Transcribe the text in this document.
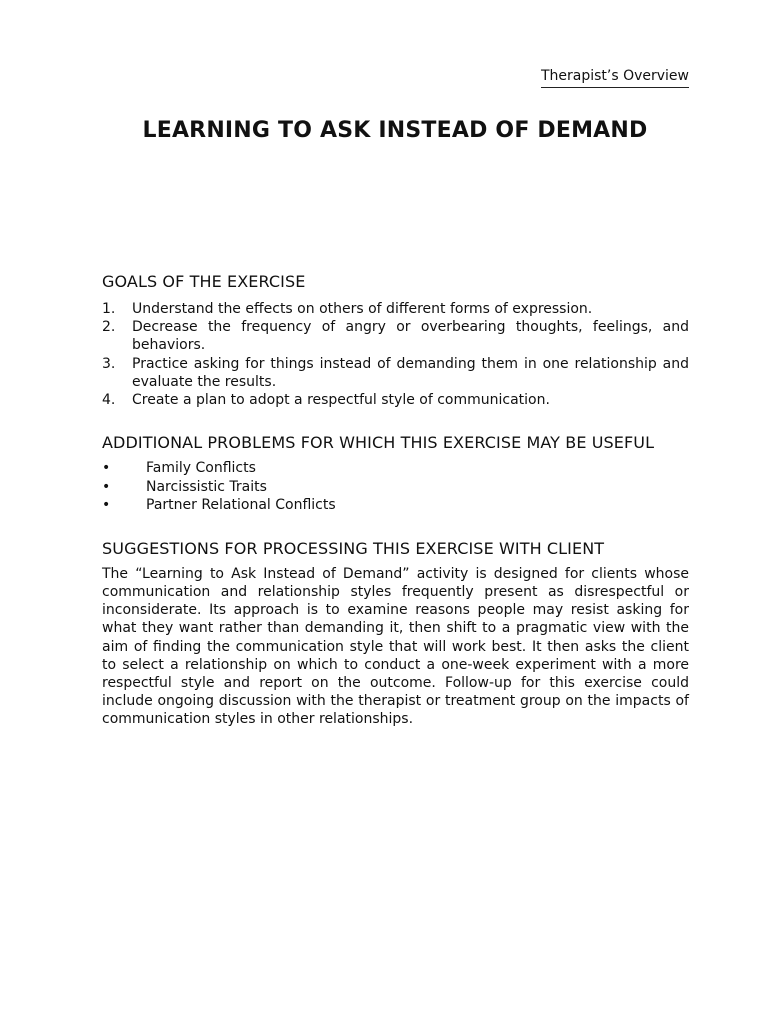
Therapist’s Overview
LEARNING TO ASK INSTEAD OF DEMAND
GOALS OF THE EXERCISE
1. Understand the effects on others of different forms of expression.
2. Decrease the frequency of angry or overbearing thoughts, feelings, and behaviors.
3. Practice asking for things instead of demanding them in one relationship and evaluate the results.
4. Create a plan to adopt a respectful style of communication.
ADDITIONAL PROBLEMS FOR WHICH THIS EXERCISE MAY BE USEFUL
•	Family Conflicts
•	Narcissistic Traits
•	Partner Relational Conflicts
SUGGESTIONS FOR PROCESSING THIS EXERCISE WITH CLIENT

The “Learning to Ask Instead of Demand” activity is designed for clients whose communication and relationship styles frequently present as disrespectful or inconsiderate. Its approach is to examine reasons people may resist asking for what they want rather than demanding it, then shift to a pragmatic view with the aim of finding the communication style that will work best. It then asks the client to select a relationship on which to conduct a one-week experiment with a more respectful style and report on the outcome. Follow-up for this exercise could include ongoing discussion with the therapist or treatment group on the impacts of communication styles in other relationships.
